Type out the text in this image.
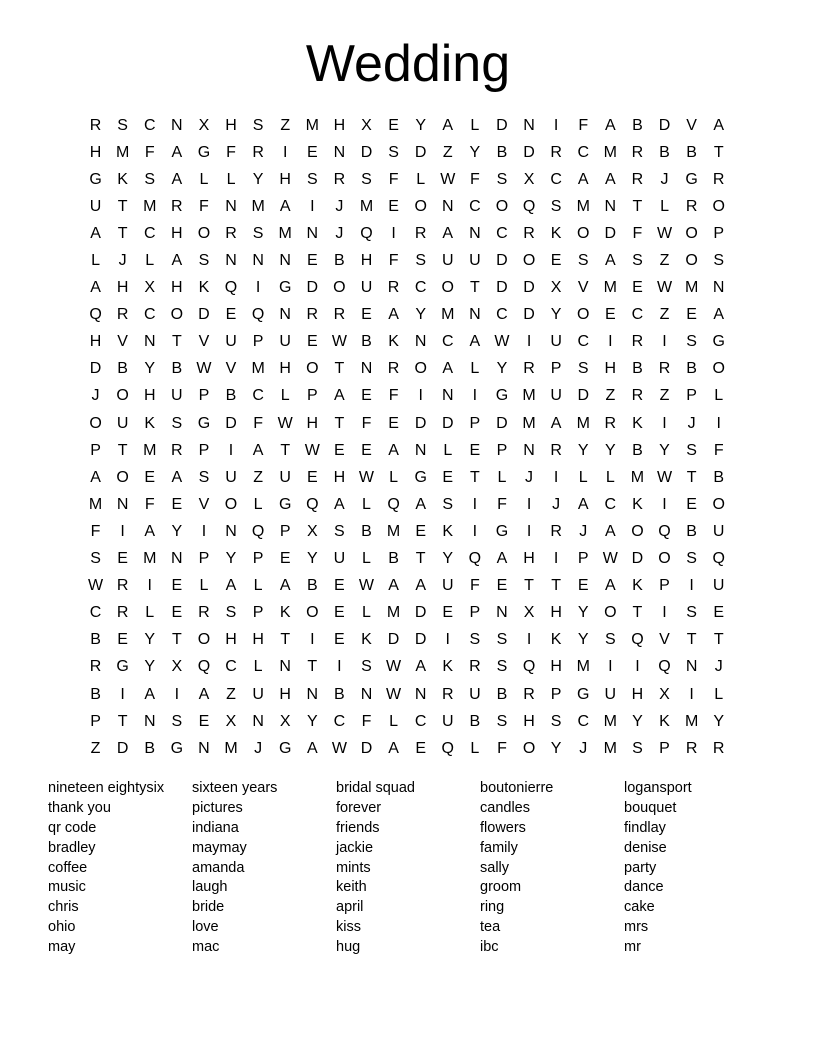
Wedding
R S C N X H S	Z M H X	E	Y	A	L	D N	I	F	A	B D V	A
H M F	A G F	R	I	E N D S D	Z	Y	B D R C M R B	B	T
G K	S	A	L	L	Y H S R S	F	L W F	S	X C A	A R	J	G R
U	T M R	F	N M A	I	J	M E O N C O Q S M N	T	L	R O
A	T	C H O R S M N	J	Q	I	R A N C R K O D	F W O P
L	J	L	A	S N N N E	B H	F	S U U D O E	S	A	S	Z O S
A H X H K Q	I	G D O U R C O T	D D X	V M E W M N
Q R C O D E Q N R R E	A	Y M N C D Y O E C	Z	E	A
H V N	T	V U P U E W B	K N C A W	I	U C	I	R	I	S G
D B	Y	B W V M H O T	N R O A	L	Y R P	S H B R B O
J	O H U P	B C	L	P	A	E	F	I	N	I	G M U D	Z	R	Z	P	L
O U K	S G D	F W H	T	F	E D D P D M A M R K	I	J	I
P	T M R P	I	A	T W E	E	A N	L	E	P N R Y	Y	B	Y	S	F
A O E	A	S U	Z	U E H W L	G E	T	L	J	I	L	L M W T	B
M N	F	E	V O	L	G Q A	L	Q A	S	I	F	I	J	A C K	I	E O
F	I	A	Y	I	N Q P	X	S	B M E	K	I	G	I	R	J	A O Q B U
S	E M N P	Y	P	E	Y U	L	B	T	Y Q A H	I	P W D O S Q
W R	I	E	L	A	L	A	B	E W A	A U	F	E	T	T	E	A	K	P	I	U
C R	L	E R S	P	K O E	L M D E	P N X H Y O T	I	S	E
B	E	Y	T O H H	T	I	E	K D D	I	S	S	I	K	Y	S Q V	T	T
R G Y	X Q C	L	N	T	I	S W A	K R S Q H M	I	I	Q N	J
B	I	A	I	A	Z	U H N B N W N R U B R P G U H X	I	L
P	T	N S	E	X N X	Y C	F	L	C U B	S H S C M Y	K M Y
Z	D B G N M	J	G A W D A	E Q	L	F O Y	J	M S	P R R
nineteen eightysix	sixteen years	bridal squad	boutonierre	logansport
thank you	pictures	forever	candles	bouquet
qr code	indiana	friends	flowers	findlay
bradley	maymay	jackie	family	denise
coffee	amanda	mints	sally	party
music	laugh	keith	groom	dance
chris	bride	april	ring	cake
ohio	love	kiss	tea	mrs
may	mac	hug	ibc	mr
